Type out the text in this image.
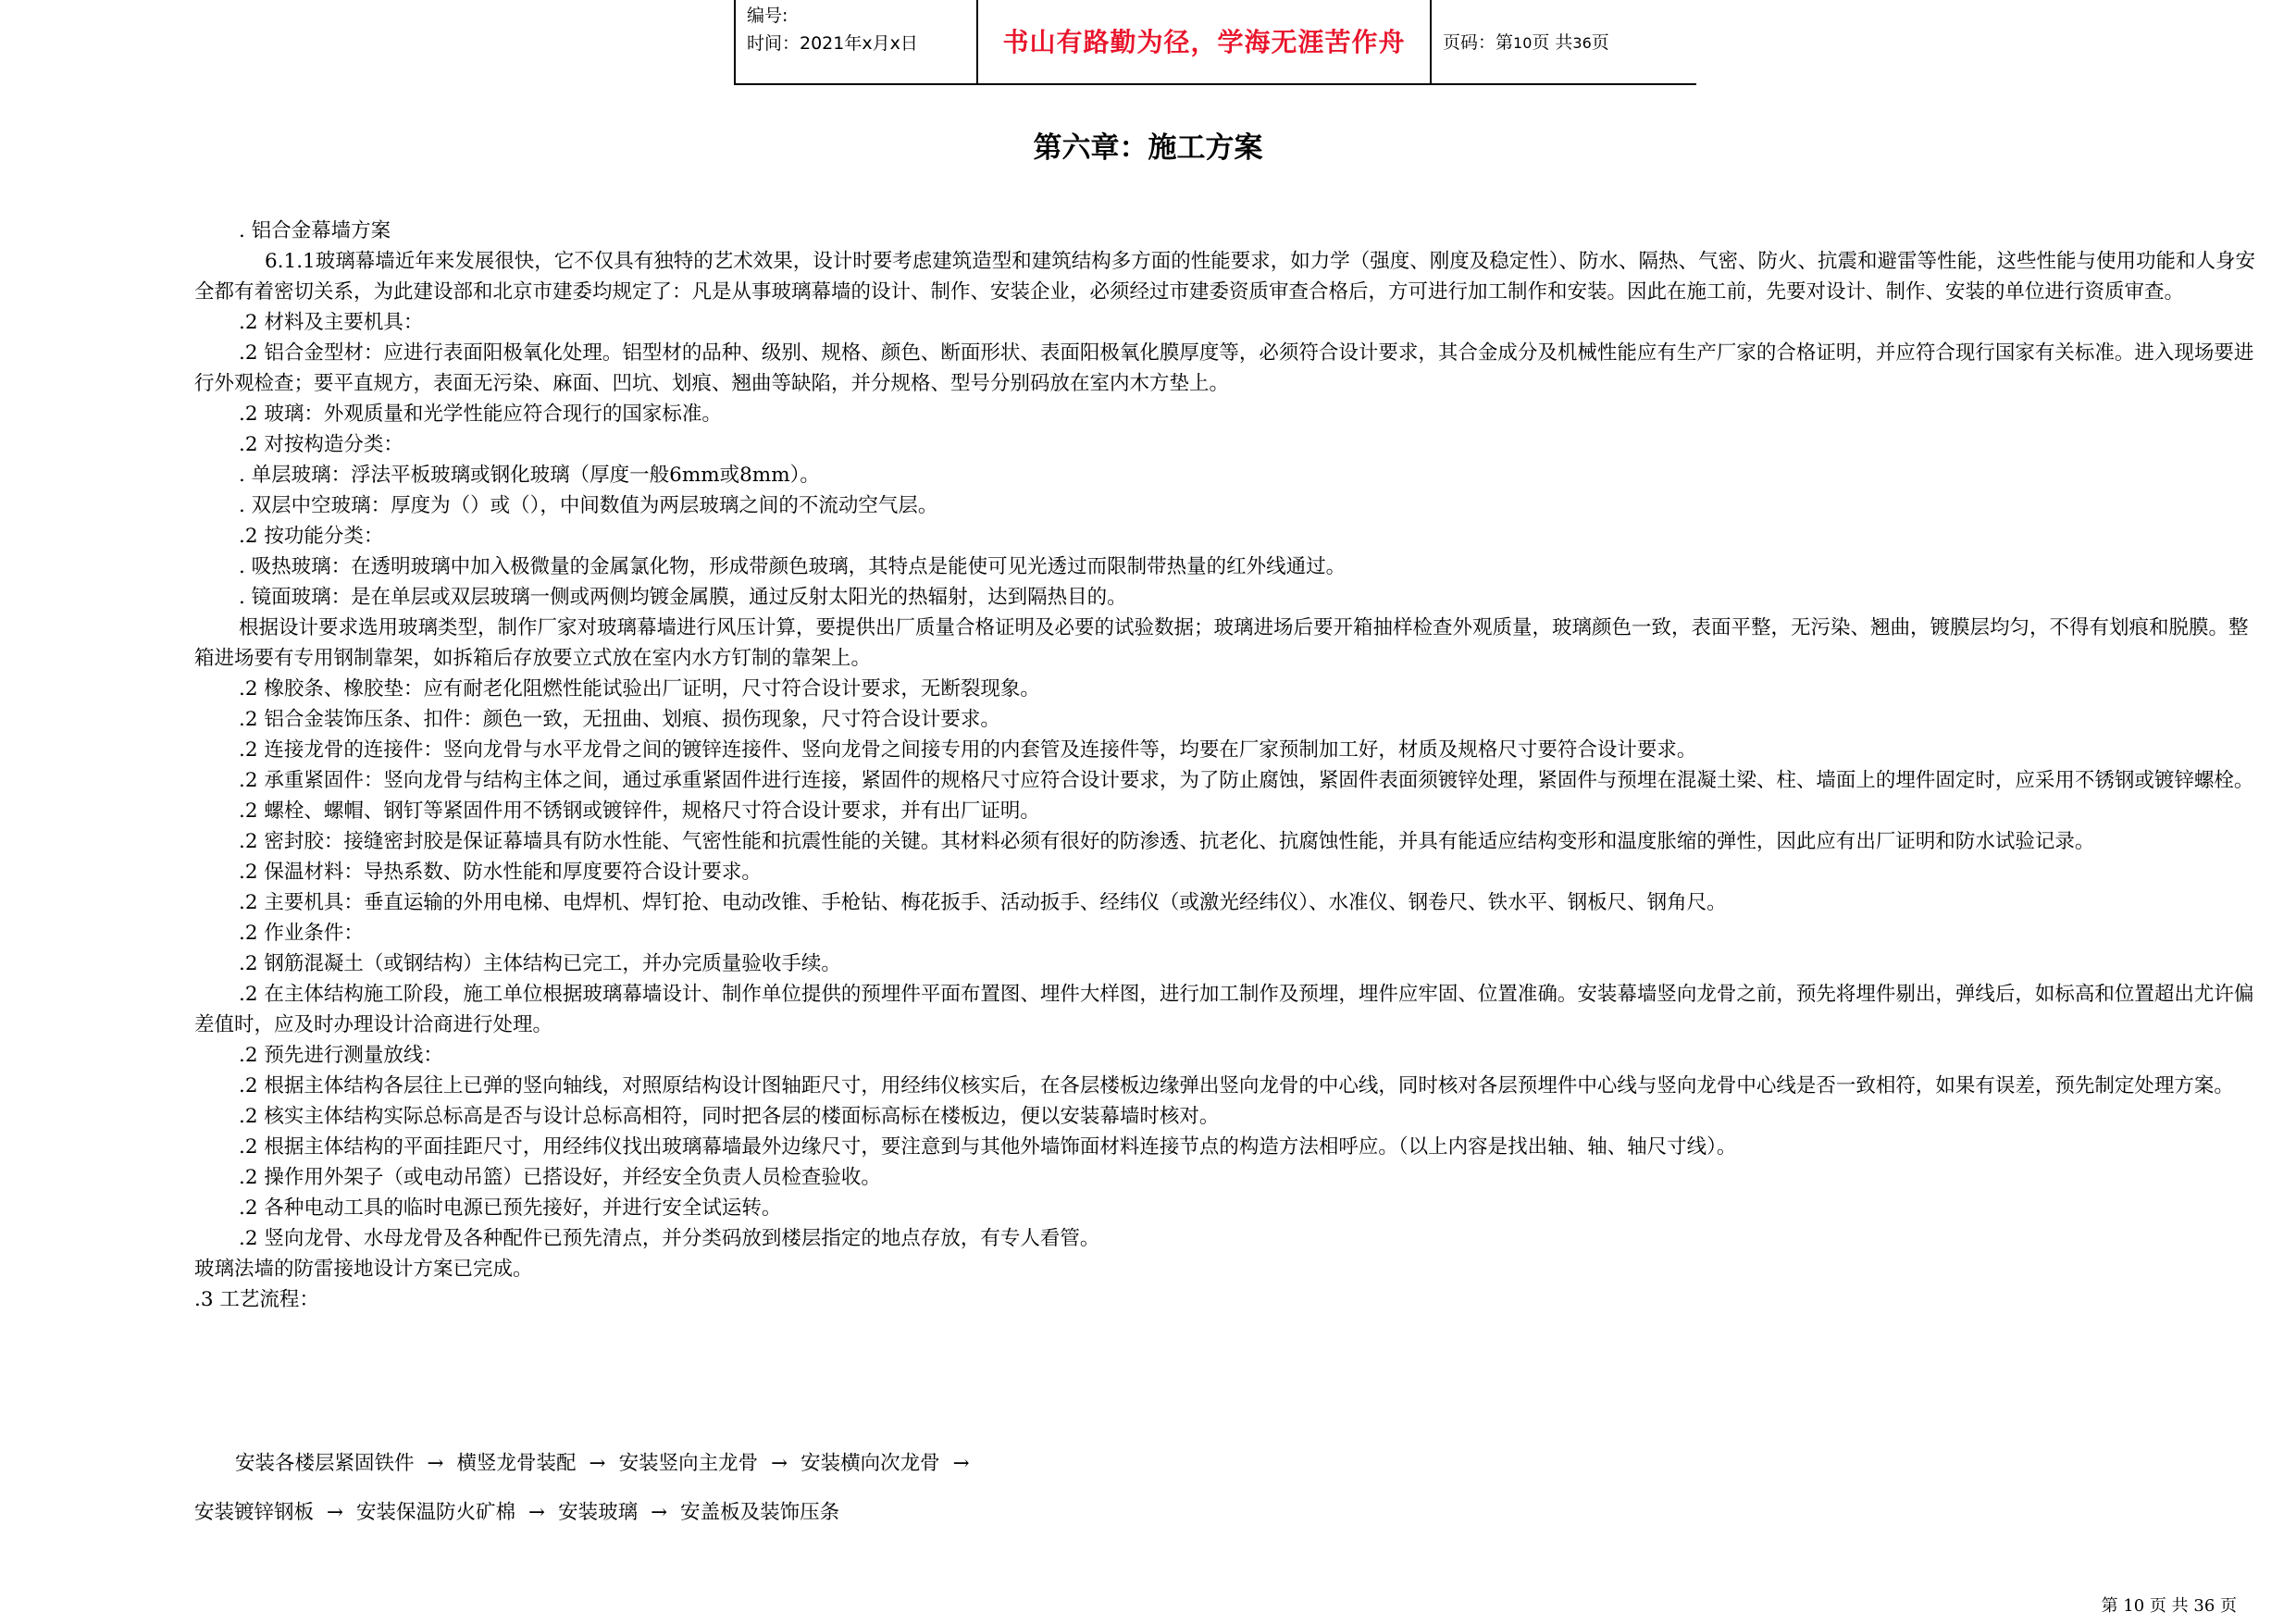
编号:
时间：2021年x月x日	书山有路勤为径，学海无涯苦作舟	页码：第10页 共36页
第六章：施工方案

. 铝合金幕墙方案

6.1.1玻璃幕墙近年来发展很快，它不仅具有独特的艺术效果，设计时要考虑建筑造型和建筑结构多方面的性能要求，如力学（强度、刚度及稳定性）、防水、隔热、气密、防火、抗震和避雷等性能，这些性能与使用功能和人身安全都有着密切关系，为此建设部和北京市建委均规定了：凡是从事玻璃幕墙的设计、制作、安装企业，必须经过市建委资质审查合格后，方可进行加工制作和安装。因此在施工前，先要对设计、制作、安装的单位进行资质审查。

.2 材料及主要机具：

.2 铝合金型材：应进行表面阳极氧化处理。铝型材的品种、级别、规格、颜色、断面形状、表面阳极氧化膜厚度等，必须符合设计要求，其合金成分及机械性能应有生产厂家的合格证明，并应符合现行国家有关标准。进入现场要进行外观检查；要平直规方，表面无污染、麻面、凹坑、划痕、翘曲等缺陷，并分规格、型号分别码放在室内木方垫上。

.2 玻璃：外观质量和光学性能应符合现行的国家标准。

.2 对按构造分类：

. 单层玻璃：浮法平板玻璃或钢化玻璃（厚度一般6mm或8mm）。

. 双层中空玻璃：厚度为（）或（），中间数值为两层玻璃之间的不流动空气层。

.2 按功能分类：

. 吸热玻璃：在透明玻璃中加入极微量的金属氯化物，形成带颜色玻璃，其特点是能使可见光透过而限制带热量的红外线通过。

. 镜面玻璃：是在单层或双层玻璃一侧或两侧均镀金属膜，通过反射太阳光的热辐射，达到隔热目的。

根据设计要求选用玻璃类型，制作厂家对玻璃幕墙进行风压计算，要提供出厂质量合格证明及必要的试验数据；玻璃进场后要开箱抽样检查外观质量，玻璃颜色一致，表面平整，无污染、翘曲，镀膜层均匀，不得有划痕和脱膜。整箱进场要有专用钢制靠架，如拆箱后存放要立式放在室内水方钉制的靠架上。

.2 橡胶条、橡胶垫：应有耐老化阻燃性能试验出厂证明，尺寸符合设计要求，无断裂现象。

.2 铝合金装饰压条、扣件：颜色一致，无扭曲、划痕、损伤现象，尺寸符合设计要求。

.2 连接龙骨的连接件：竖向龙骨与水平龙骨之间的镀锌连接件、竖向龙骨之间接专用的内套管及连接件等，均要在厂家预制加工好，材质及规格尺寸要符合设计要求。

.2 承重紧固件：竖向龙骨与结构主体之间，通过承重紧固件进行连接，紧固件的规格尺寸应符合设计要求，为了防止腐蚀，紧固件表面须镀锌处理，紧固件与预埋在混凝土梁、柱、墙面上的埋件固定时，应采用不锈钢或镀锌螺栓。

.2 螺栓、螺帽、钢钉等紧固件用不锈钢或镀锌件，规格尺寸符合设计要求，并有出厂证明。

.2 密封胶：接缝密封胶是保证幕墙具有防水性能、气密性能和抗震性能的关键。其材料必须有很好的防渗透、抗老化、抗腐蚀性能，并具有能适应结构变形和温度胀缩的弹性，因此应有出厂证明和防水试验记录。

.2 保温材料：导热系数、防水性能和厚度要符合设计要求。

.2 主要机具：垂直运输的外用电梯、电焊机、焊钉抢、电动改锥、手枪钻、梅花扳手、活动扳手、经纬仪（或激光经纬仪）、水准仪、钢卷尺、铁水平、钢板尺、钢角尺。

.2 作业条件：

.2 钢筋混凝土（或钢结构）主体结构已完工，并办完质量验收手续。

.2 在主体结构施工阶段，施工单位根据玻璃幕墙设计、制作单位提供的预埋件平面布置图、埋件大样图，进行加工制作及预埋，埋件应牢固、位置准确。安装幕墙竖向龙骨之前，预先将埋件剔出，弹线后，如标高和位置超出尤许偏差值时，应及时办理设计洽商进行处理。

.2 预先进行测量放线：

.2 根据主体结构各层往上已弹的竖向轴线，对照原结构设计图轴距尺寸，用经纬仪核实后，在各层楼板边缘弹出竖向龙骨的中心线，同时核对各层预埋件中心线与竖向龙骨中心线是否一致相符，如果有误差，预先制定处理方案。

.2 核实主体结构实际总标高是否与设计总标高相符，同时把各层的楼面标高标在楼板边，便以安装幕墙时核对。

.2 根据主体结构的平面挂距尺寸，用经纬仪找出玻璃幕墙最外边缘尺寸，要注意到与其他外墙饰面材料连接节点的构造方法相呼应。（以上内容是找出轴、轴、轴尺寸线）。

.2 操作用外架子（或电动吊篮）已搭设好，并经安全负责人员检查验收。

.2 各种电动工具的临时电源已预先接好，并进行安全试运转。

.2 竖向龙骨、水母龙骨及各种配件已预先清点，并分类码放到楼层指定的地点存放，有专人看管。

玻璃法墙的防雷接地设计方案已完成。

.3 工艺流程：

安装各楼层紧固铁件 → 横竖龙骨装配 → 安装竖向主龙骨 → 安装横向次龙骨 →
安装镀锌钢板 → 安装保温防火矿棉 → 安装玻璃 → 安盖板及装饰压条
第 10 页 共 36 页
